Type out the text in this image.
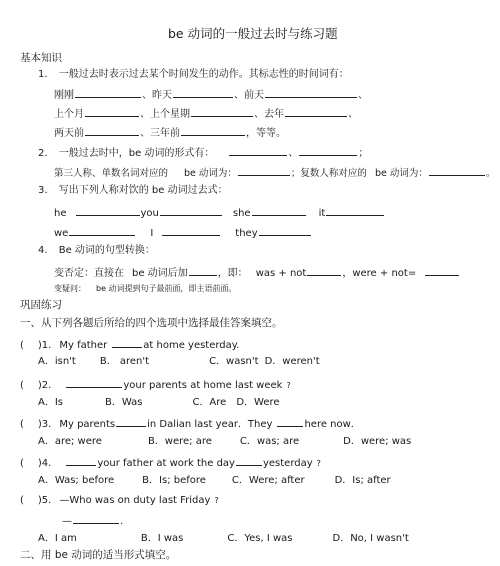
be 动词的一般过去时与练习题
基本知识
1. 一般过去时表示过去某个时间发生的动作。其标志性的时间词有：
刚刚	、昨天	、前天	、
上个月	、上个星期	、去年	、
两天前	、三年前	，等等。
2. 一般过去时中，be 动词的形式有：	、	；
第三人称、单数名词对应的 be 动词为：	；复数人称对应的 be 动词为：	。
3. 写出下列人称对饮的 be 动词过去式：
he	you	she	it
we	I	they
4. Be 动词的句型转换：
变否定：直接在 be 动词后加	，即： was + not	，were + not=
变疑问： be 动词提到句子最前面，即主语前面。
巩固练习
一、从下列各题后所给的四个选项中选择最佳答案填空。
( )1. My father	at home yesterday.
A．isn't B． aren't	C．wasn't D．weren't
( )2.	your parents at home last week ?
A．Is	B．Was	C．Are D．Were
( )3. My parents	in Dalian last year．They	here now．
A．are; were	B．were; are	C．was; are	D．were; was
( )4.	your father at work the day	yesterday ?
A．Was; before	B．Is; before	C．Were; after	D．Is; after
( )5. —Who was on duty last Friday ?
—	.
A．I am	B．I was	C．Yes, I was	D．No, I wasn't
二、用 be 动词的适当形式填空。
